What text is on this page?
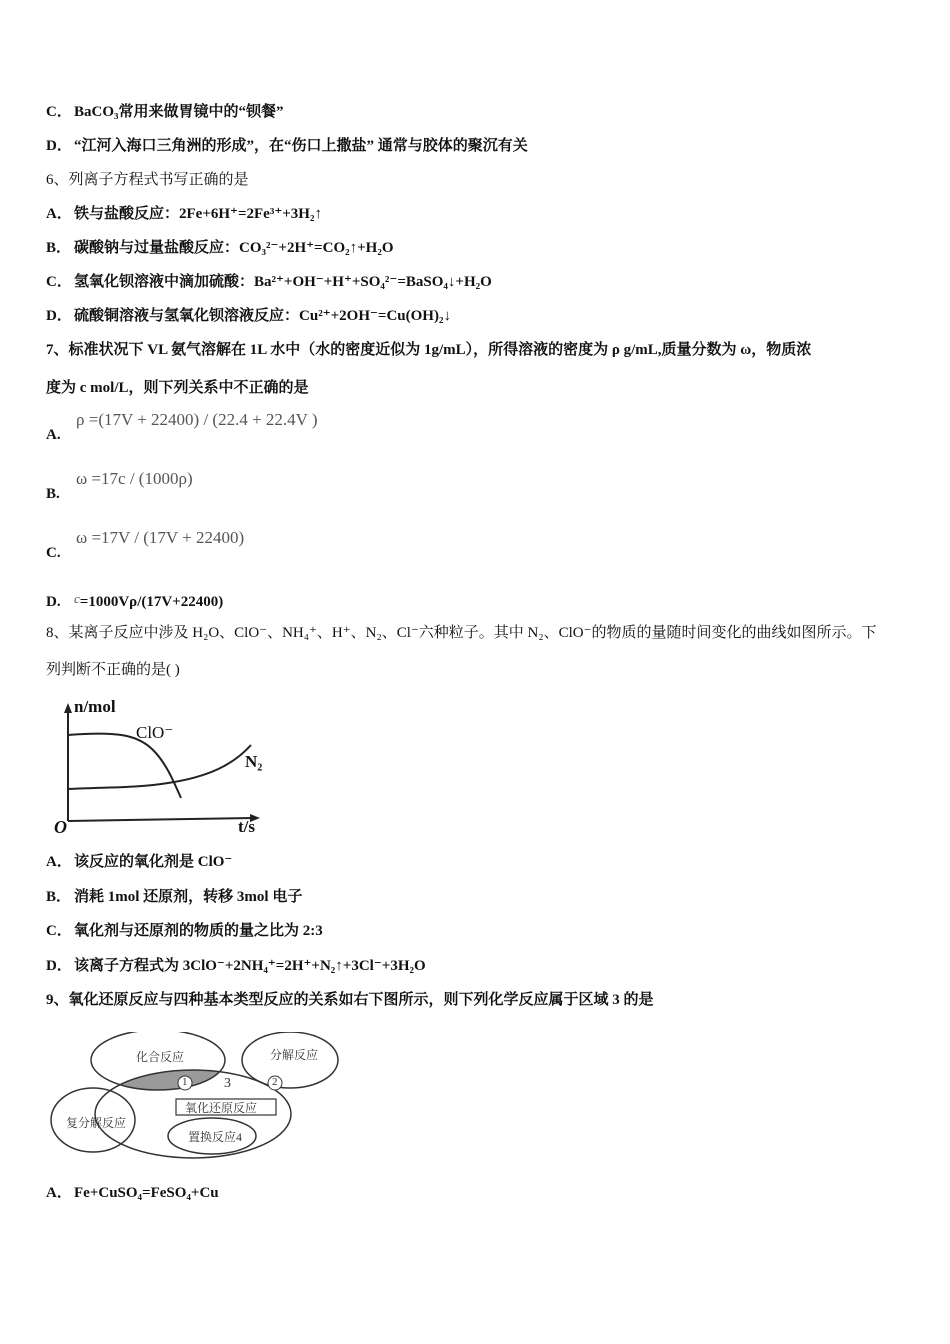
C． BaCO₃常用来做胃镜中的“钡餐”
D． “江河入海口三角洲的形成”，在“伤口上撒盐” 通常与胶体的聚沉有关
6、列离子方程式书写正确的是
A． 铁与盐酸反应：2Fe+6H⁺=2Fe³⁺+3H₂↑
B． 碳酸钠与过量盐酸反应：CO₃²⁻+2H⁺=CO₂↑+H₂O
C． 氢氧化钡溶液中滴加硫酸：Ba²⁺+OH⁻+H⁺+SO₄²⁻=BaSO₄↓+H₂O
D． 硫酸铜溶液与氢氧化钡溶液反应：Cu²⁺+2OH⁻=Cu(OH)₂↓
7、标准状况下 VL 氨气溶解在 1L 水中（水的密度近似为 1g/mL），所得溶液的密度为 ρ g/mL,质量分数为 ω，物质浓
度为 c mol/L，则下列关系中不正确的是
A.
ρ =(17V + 22400) / (22.4 + 22.4V )
B.
ω =17c / (1000ρ)
C.
ω =17V / (17V + 22400)
D. c=1000Vρ/(17V+22400)
8、某离子反应中涉及 H₂O、ClO⁻、NH₄⁺、H⁺、N₂、Cl⁻六种粒子。其中 N₂、ClO⁻的物质的量随时间变化的曲线如图所示。下
列判断不正确的是( )
n/mol
ClO⁻
N₂
O	t/s
A． 该反应的氧化剂是 ClO⁻
B． 消耗 1mol 还原剂，转移 3mol 电子
C． 氧化剂与还原剂的物质的量之比为 2:3
D． 该离子方程式为 3ClO⁻+2NH₄⁺=2H⁺+N₂↑+3Cl⁻+3H₂O
9、氧化还原反应与四种基本类型反应的关系如右下图所示，则下列化学反应属于区域 3 的是
化合反应	分解反应
复分解反应
氧化还原反应
置换反应4
1	2
3
A． Fe+CuSO₄=FeSO₄+Cu
